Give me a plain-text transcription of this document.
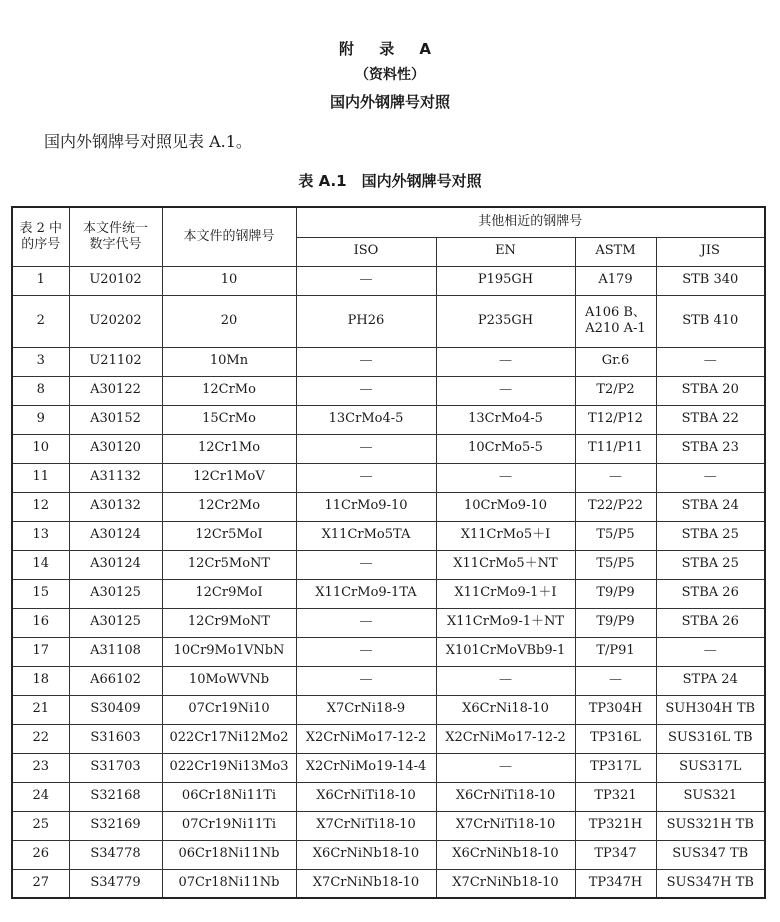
附 录 A
（资料性）
国内外钢牌号对照
国内外钢牌号对照见表 A.1。
表 A.1　国内外钢牌号对照
表 2 中
的序号	本文件统一
数字代号	本文件的钢牌号	其他相近的钢牌号			
			ISO	EN	ASTM	JIS
1	U20102	10	—	P195GH	A179	STB 340
2	U20202	20	PH26	P235GH	A106 B、
A210 A-1	STB 410
3	U21102	10Mn	—	—	Gr.6	—
8	A30122	12CrMo	—	—	T2/P2	STBA 20
9	A30152	15CrMo	13CrMo4-5	13CrMo4-5	T12/P12	STBA 22
10	A30120	12Cr1Mo	—	10CrMo5-5	T11/P11	STBA 23
11	A31132	12Cr1MoV	—	—	—	—
12	A30132	12Cr2Mo	11CrMo9-10	10CrMo9-10	T22/P22	STBA 24
13	A30124	12Cr5MoI	X11CrMo5TA	X11CrMo5＋I	T5/P5	STBA 25
14	A30124	12Cr5MoNT	—	X11CrMo5＋NT	T5/P5	STBA 25
15	A30125	12Cr9MoI	X11CrMo9-1TA	X11CrMo9-1＋I	T9/P9	STBA 26
16	A30125	12Cr9MoNT	—	X11CrMo9-1＋NT	T9/P9	STBA 26
17	A31108	10Cr9Mo1VNbN	—	X101CrMoVBb9-1	T/P91	—
18	A66102	10MoWVNb	—	—	—	STPA 24
21	S30409	07Cr19Ni10	X7CrNi18-9	X6CrNi18-10	TP304H	SUH304H TB
22	S31603	022Cr17Ni12Mo2	X2CrNiMo17-12-2	X2CrNiMo17-12-2	TP316L	SUS316L TB
23	S31703	022Cr19Ni13Mo3	X2CrNiMo19-14-4	—	TP317L	SUS317L
24	S32168	06Cr18Ni11Ti	X6CrNiTi18-10	X6CrNiTi18-10	TP321	SUS321
25	S32169	07Cr19Ni11Ti	X7CrNiTi18-10	X7CrNiTi18-10	TP321H	SUS321H TB
26	S34778	06Cr18Ni11Nb	X6CrNiNb18-10	X6CrNiNb18-10	TP347	SUS347 TB
27	S34779	07Cr18Ni11Nb	X7CrNiNb18-10	X7CrNiNb18-10	TP347H	SUS347H TB
